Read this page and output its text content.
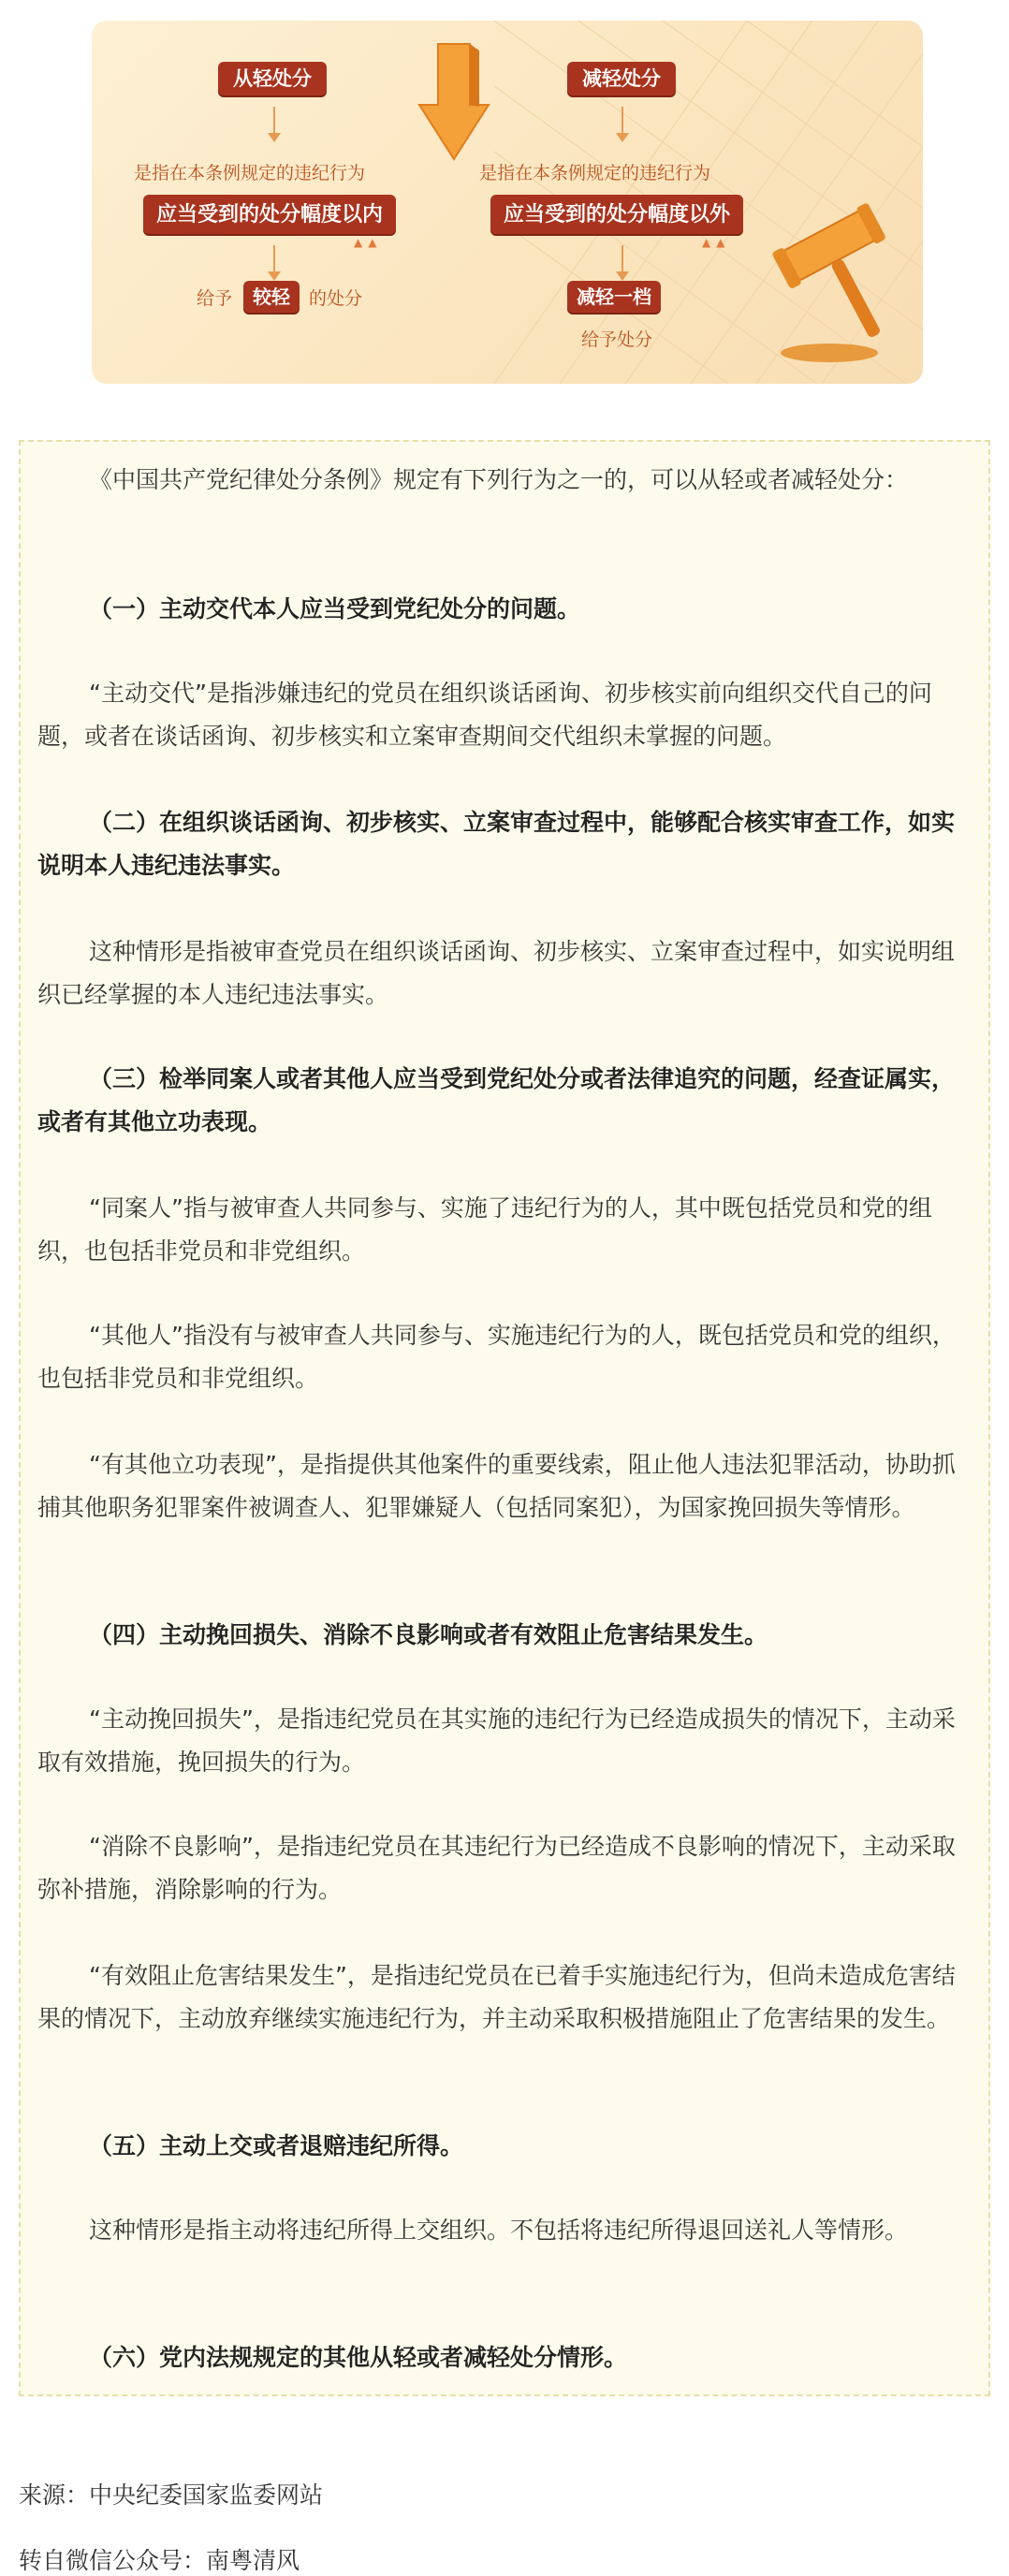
从轻处分
是指在本条例规定的违纪行为
应当受到的处分幅度以内
▲▲
给予	较轻	的处分
减轻处分
是指在本条例规定的违纪行为
应当受到的处分幅度以外
▲▲
减轻一档
给予处分

《中国共产党纪律处分条例》规定有下列行为之一的，可以从轻或者减轻处分：

（一）主动交代本人应当受到党纪处分的问题。

“主动交代”是指涉嫌违纪的党员在组织谈话函询、初步核实前向组织交代自己的问题，或者在谈话函询、初步核实和立案审查期间交代组织未掌握的问题。

（二）在组织谈话函询、初步核实、立案审查过程中，能够配合核实审查工作，如实说明本人违纪违法事实。

这种情形是指被审查党员在组织谈话函询、初步核实、立案审查过程中，如实说明组织已经掌握的本人违纪违法事实。

（三）检举同案人或者其他人应当受到党纪处分或者法律追究的问题，经查证属实，或者有其他立功表现。

“同案人”指与被审查人共同参与、实施了违纪行为的人，其中既包括党员和党的组织，也包括非党员和非党组织。

“其他人”指没有与被审查人共同参与、实施违纪行为的人，既包括党员和党的组织，也包括非党员和非党组织。

“有其他立功表现”，是指提供其他案件的重要线索，阻止他人违法犯罪活动，协助抓捕其他职务犯罪案件被调查人、犯罪嫌疑人（包括同案犯），为国家挽回损失等情形。

（四）主动挽回损失、消除不良影响或者有效阻止危害结果发生。

“主动挽回损失”，是指违纪党员在其实施的违纪行为已经造成损失的情况下，主动采取有效措施，挽回损失的行为。

“消除不良影响”，是指违纪党员在其违纪行为已经造成不良影响的情况下，主动采取弥补措施，消除影响的行为。

“有效阻止危害结果发生”，是指违纪党员在已着手实施违纪行为，但尚未造成危害结果的情况下，主动放弃继续实施违纪行为，并主动采取积极措施阻止了危害结果的发生。

（五）主动上交或者退赔违纪所得。

这种情形是指主动将违纪所得上交组织。不包括将违纪所得退回送礼人等情形。

（六）党内法规规定的其他从轻或者减轻处分情形。

来源：中央纪委国家监委网站
转自微信公众号：南粤清风
